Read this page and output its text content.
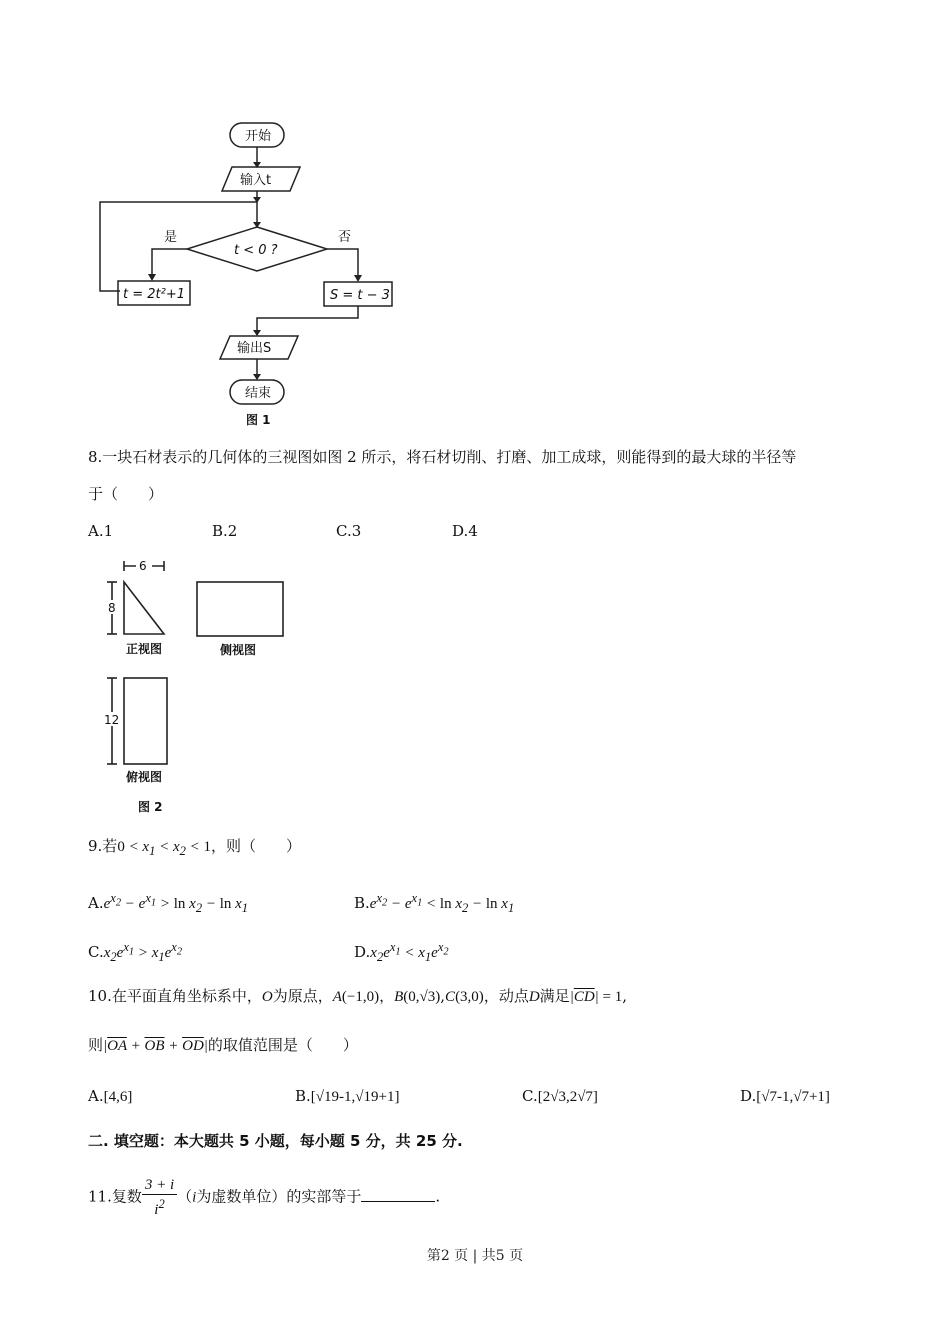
开始
输入t
t < 0 ?
是	否
t = 2t²+1	S = t − 3
输出S
结束
图 1
8.一块石材表示的几何体的三视图如图 2 所示，将石材切削、打磨、加工成球，则能得到的最大球的半径等
于（　　）
A.1	B.2	C.3	D.4
6
8
12
正视图	侧视图
俯视图
图 2
9.若$0 < x_1 < x_2 < 1$，则（　　）
$A.e^{x_2} - e^{x_1} > \ln x_2 - \ln x_1$	$B.e^{x_2} - e^{x_1} < \ln x_2 - \ln x_1$
$C.x_2e^{x_1} > x_1e^{x_2}$	$D.x_2e^{x_1} < x_1e^{x_2}$
10.在平面直角坐标系中，O为原点，A(−1,0)，B(0,√3),C(3,0)，动点D满足$|\overline{CD}| = 1$,
则$|\overline{OA} + \overline{OB} + \overline{OD}|$的取值范围是（　　）
A.[4,6]	B.[√19-1,√19+1]	C.[2√3,2√7]	D.[√7-1,√7+1]
二. 填空题：本大题共 5 小题，每小题 5 分，共 25 分.
11.复数 $\frac{3 + i}{i^2} (i$为虚数单位）的实部等于	.
第2 页 | 共5 页
